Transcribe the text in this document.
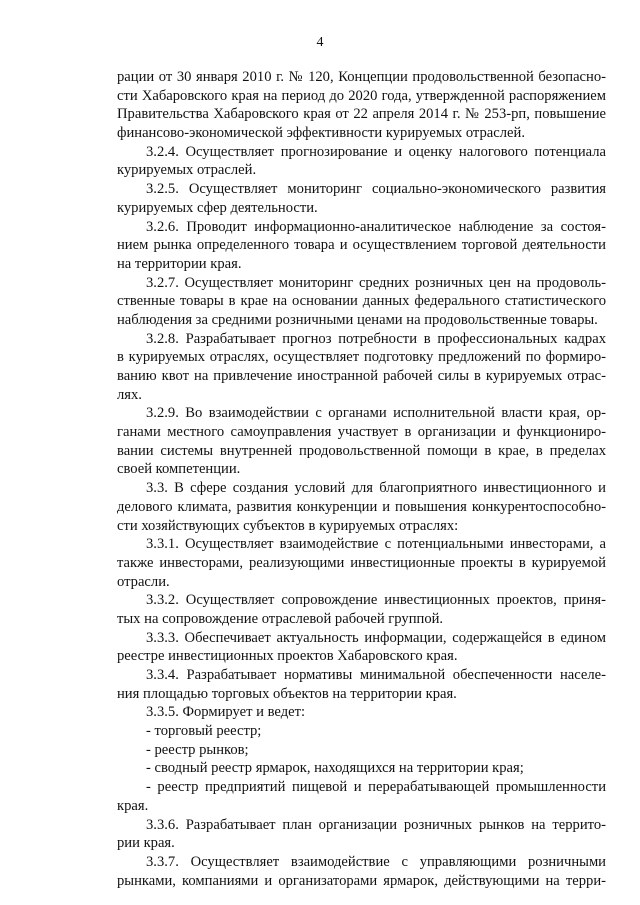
4
рации от 30 января 2010 г. № 120, Концепции продовольственной безопасно-
сти Хабаровского края на период до 2020 года, утвержденной распоряжением
Правительства Хабаровского края от 22 апреля 2014 г. № 253-рп, повышение
финансово-экономической эффективности курируемых отраслей.
3.2.4. Осуществляет прогнозирование и оценку налогового потенциала
курируемых отраслей.
3.2.5. Осуществляет мониторинг социально-экономического развития
курируемых сфер деятельности.
3.2.6. Проводит информационно-аналитическое наблюдение за состоя-
нием рынка определенного товара и осуществлением торговой деятельности
на территории края.
3.2.7. Осуществляет мониторинг средних розничных цен на продоволь-
ственные товары в крае на основании данных федерального статистического
наблюдения за средними розничными ценами на продовольственные товары.
3.2.8. Разрабатывает прогноз потребности в профессиональных кадрах
в курируемых отраслях, осуществляет подготовку предложений по формиро-
ванию квот на привлечение иностранной рабочей силы в курируемых отрас-
лях.
3.2.9. Во взаимодействии с органами исполнительной власти края, ор-
ганами местного самоуправления участвует в организации и функциониро-
вании системы внутренней продовольственной помощи в крае, в пределах
своей компетенции.
3.3. В сфере создания условий для благоприятного инвестиционного и
делового климата, развития конкуренции и повышения конкурентоспособно-
сти хозяйствующих субъектов в курируемых отраслях:
3.3.1. Осуществляет взаимодействие с потенциальными инвесторами, а
также инвесторами, реализующими инвестиционные проекты в курируемой
отрасли.
3.3.2. Осуществляет сопровождение инвестиционных проектов, приня-
тых на сопровождение отраслевой рабочей группой.
3.3.3. Обеспечивает актуальность информации, содержащейся в едином
реестре инвестиционных проектов Хабаровского края.
3.3.4. Разрабатывает нормативы минимальной обеспеченности населе-
ния площадью торговых объектов на территории края.
3.3.5. Формирует и ведет:
- торговый реестр;
- реестр рынков;
- сводный реестр ярмарок, находящихся на территории края;
- реестр предприятий пищевой и перерабатывающей промышленности
края.
3.3.6. Разрабатывает план организации розничных рынков на террито-
рии края.
3.3.7. Осуществляет взаимодействие с управляющими розничными
рынками, компаниями и организаторами ярмарок, действующими на терри-
